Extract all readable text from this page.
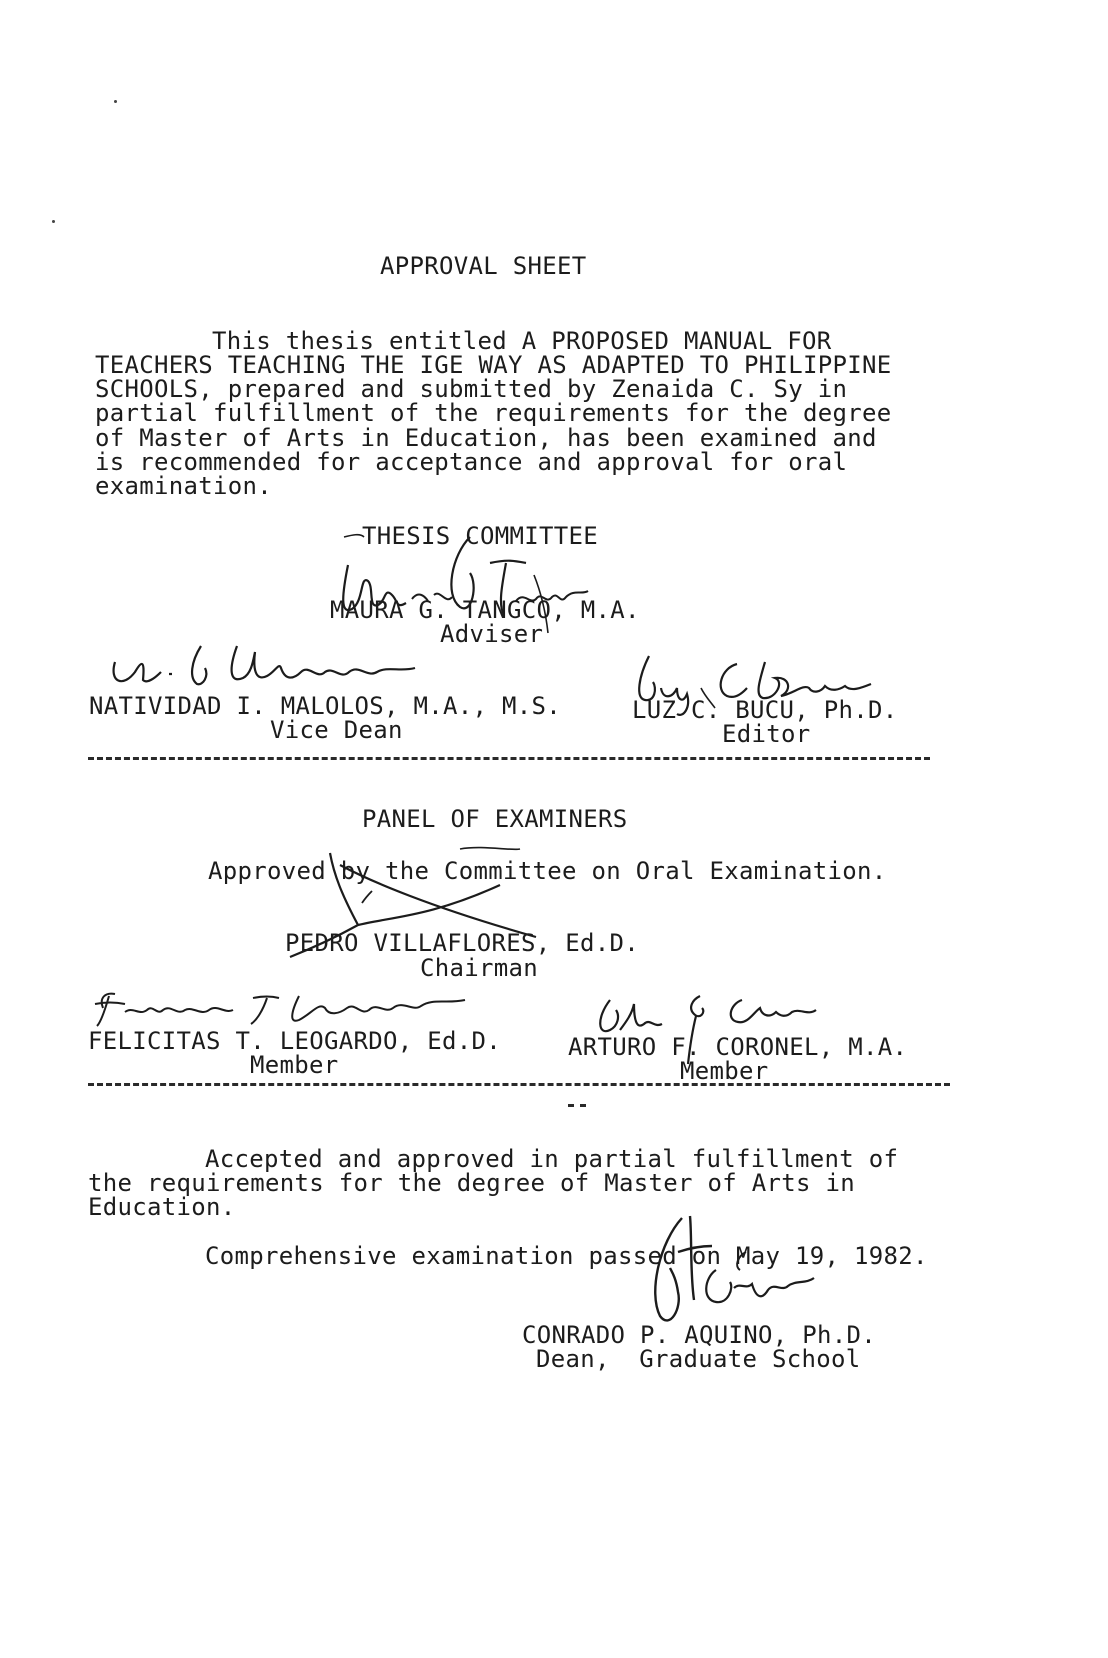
APPROVAL SHEET
This thesis entitled A PROPOSED MANUAL FOR
TEACHERS TEACHING THE IGE WAY AS ADAPTED TO PHILIPPINE
SCHOOLS, prepared and submitted by Zenaida C. Sy in
partial fulfillment of the requirements for the degree
of Master of Arts in Education, has been examined and
is recommended for acceptance and approval for oral
examination.
THESIS COMMITTEE
MAURA G. TANGCO, M.A.
Adviser
NATIVIDAD I. MALOLOS, M.A., M.S.
Vice Dean
LUZ C. BUCU, Ph.D.
Editor
PANEL OF EXAMINERS
Approved by the Committee on Oral Examination.
PEDRO VILLAFLORES, Ed.D.
Chairman
FELICITAS T. LEOGARDO, Ed.D.
Member
ARTURO F. CORONEL, M.A.
Member
Accepted and approved in partial fulfillment of
the requirements for the degree of Master of Arts in
Education.
Comprehensive examination passed on May 19, 1982.
CONRADO P. AQUINO, Ph.D.
Dean,  Graduate School
